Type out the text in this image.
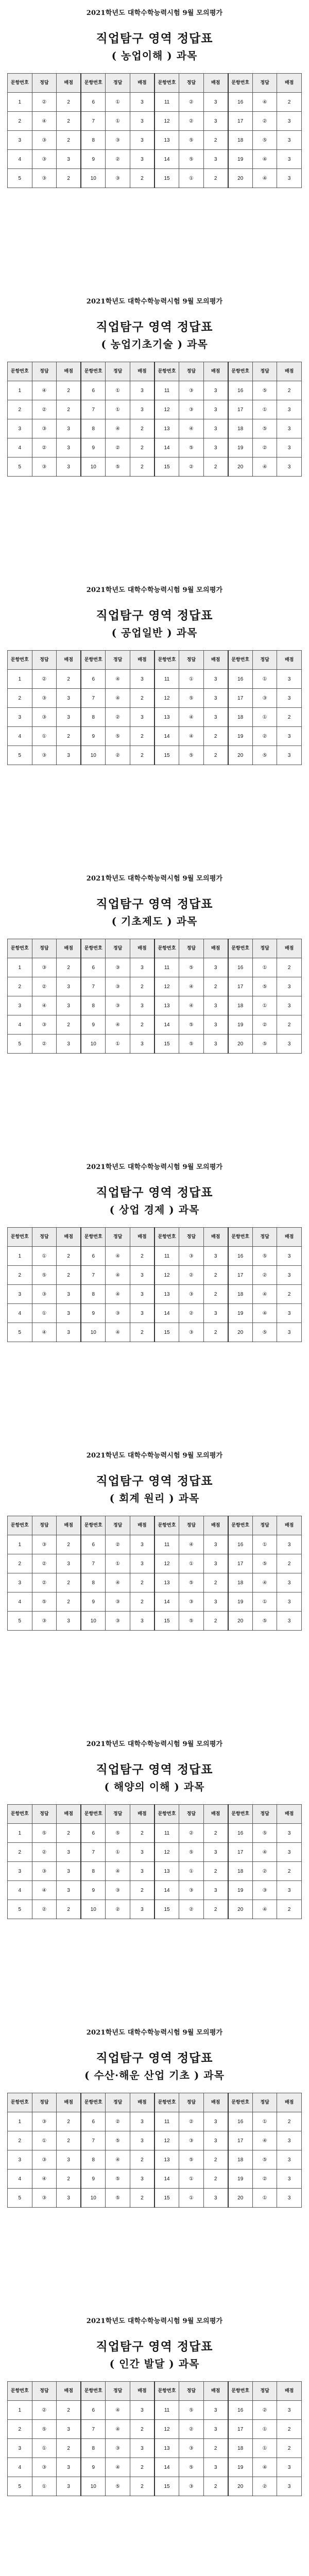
2021학년도 대학수학능력시험 9월 모의평가
직업탐구 영역 정답표
( 농업이해 ) 과목
문항번호	정답	배점	문항번호	정답	배점	문항번호	정답	배점	문항번호	정답	배점
1	②	2	6	①	3	11	②	3	16	④	2
2	④	2	7	①	3	12	②	3	17	②	3
3	③	2	8	③	3	13	⑤	2	18	⑤	3
4	③	3	9	②	3	14	⑤	3	19	④	3
5	③	2	10	③	2	15	①	2	20	④	3
2021학년도 대학수학능력시험 9월 모의평가
직업탐구 영역 정답표
( 농업기초기술 ) 과목
문항번호	정답	배점	문항번호	정답	배점	문항번호	정답	배점	문항번호	정답	배점
1	④	2	6	①	3	11	③	3	16	⑤	2
2	②	2	7	①	3	12	③	3	17	①	3
3	③	3	8	④	2	13	④	3	18	⑤	3
4	②	3	9	②	2	14	⑤	3	19	②	3
5	③	3	10	⑤	2	15	②	2	20	④	3
2021학년도 대학수학능력시험 9월 모의평가
직업탐구 영역 정답표
( 공업일반 ) 과목
문항번호	정답	배점	문항번호	정답	배점	문항번호	정답	배점	문항번호	정답	배점
1	②	2	6	④	3	11	①	3	16	①	3
2	③	3	7	④	2	12	⑤	3	17	③	3
3	③	3	8	②	3	13	④	3	18	①	2
4	①	2	9	⑤	2	14	④	2	19	②	3
5	③	3	10	②	2	15	⑤	2	20	⑤	3
2021학년도 대학수학능력시험 9월 모의평가
직업탐구 영역 정답표
( 기초제도 ) 과목
문항번호	정답	배점	문항번호	정답	배점	문항번호	정답	배점	문항번호	정답	배점
1	③	2	6	③	3	11	⑤	3	16	①	2
2	②	3	7	③	2	12	④	2	17	⑤	3
3	④	3	8	③	3	13	④	3	18	①	3
4	③	2	9	④	2	14	⑤	3	19	②	2
5	②	3	10	①	3	15	⑤	3	20	⑤	3
2021학년도 대학수학능력시험 9월 모의평가
직업탐구 영역 정답표
( 상업 경제 ) 과목
문항번호	정답	배점	문항번호	정답	배점	문항번호	정답	배점	문항번호	정답	배점
1	①	2	6	④	2	11	③	3	16	⑤	3
2	⑤	2	7	④	3	12	②	2	17	②	3
3	③	3	8	④	3	13	③	2	18	④	2
4	①	3	9	③	3	14	②	3	19	④	3
5	④	3	10	④	2	15	③	2	20	⑤	3
2021학년도 대학수학능력시험 9월 모의평가
직업탐구 영역 정답표
( 회계 원리 ) 과목
문항번호	정답	배점	문항번호	정답	배점	문항번호	정답	배점	문항번호	정답	배점
1	③	2	6	②	3	11	④	3	16	①	3
2	②	3	7	①	3	12	①	3	17	⑤	2
3	②	2	8	④	2	13	⑤	2	18	④	3
4	⑤	2	9	③	2	14	③	3	19	①	3
5	③	3	10	③	3	15	⑤	2	20	⑤	3
2021학년도 대학수학능력시험 9월 모의평가
직업탐구 영역 정답표
( 해양의 이해 ) 과목
문항번호	정답	배점	문항번호	정답	배점	문항번호	정답	배점	문항번호	정답	배점
1	⑤	2	6	⑤	2	11	②	2	16	⑤	3
2	②	3	7	①	3	12	⑤	3	17	④	3
3	③	3	8	④	3	13	①	2	18	②	2
4	④	3	9	③	2	14	③	3	19	③	3
5	②	2	10	②	3	15	②	2	20	④	2
2021학년도 대학수학능력시험 9월 모의평가
직업탐구 영역 정답표
( 수산·해운 산업 기초 ) 과목
문항번호	정답	배점	문항번호	정답	배점	문항번호	정답	배점	문항번호	정답	배점
1	③	2	6	②	3	11	②	3	16	①	2
2	①	2	7	⑤	3	12	③	3	17	④	3
3	③	3	8	④	2	13	⑤	2	18	⑤	3
4	④	2	9	⑤	3	14	①	2	19	②	3
5	③	3	10	⑤	2	15	①	3	20	①	3
2021학년도 대학수학능력시험 9월 모의평가
직업탐구 영역 정답표
( 인간 발달 ) 과목
문항번호	정답	배점	문항번호	정답	배점	문항번호	정답	배점	문항번호	정답	배점
1	②	2	6	④	3	11	⑤	3	16	②	3
2	⑤	3	7	④	2	12	②	3	17	①	2
3	①	2	8	③	3	13	③	2	18	①	2
4	③	3	9	④	2	14	⑤	3	19	④	3
5	①	3	10	⑤	2	15	③	2	20	②	3
